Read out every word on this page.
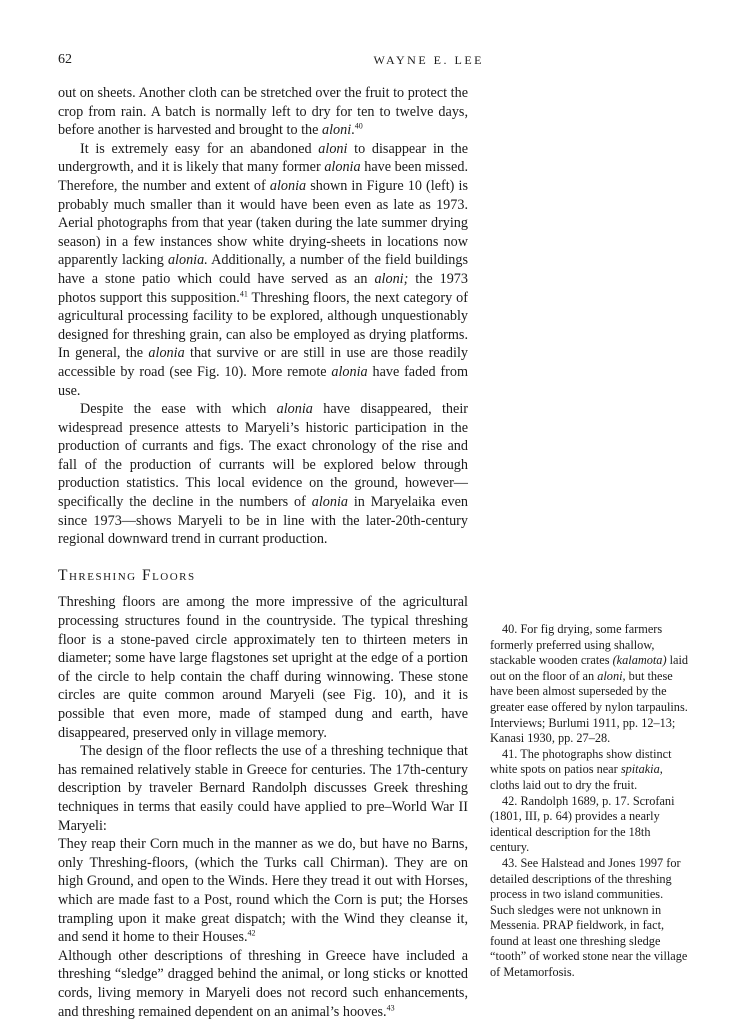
62	WAYNE E. LEE

out on sheets. Another cloth can be stretched over the fruit to protect the crop from rain. A batch is normally left to dry for ten to twelve days, before another is harvested and brought to the aloni.$^{40}$

It is extremely easy for an abandoned aloni to disappear in the undergrowth, and it is likely that many former alonia have been missed. Therefore, the number and extent of alonia shown in Figure 10 (left) is probably much smaller than it would have been even as late as 1973. Aerial photographs from that year (taken during the late summer drying season) in a few instances show white drying-sheets in locations now apparently lacking alonia. Additionally, a number of the field buildings have a stone patio which could have served as an aloni; the 1973 photos support this supposition.$^{41}$ Threshing floors, the next category of agricultural processing facility to be explored, although unquestionably designed for threshing grain, can also be employed as drying platforms. In general, the alonia that survive or are still in use are those readily accessible by road (see Fig. 10). More remote alonia have faded from use.

Despite the ease with which alonia have disappeared, their widespread presence attests to Maryeli’s historic participation in the production of currants and figs. The exact chronology of the rise and fall of the production of currants will be explored below through production statistics. This local evidence on the ground, however—specifically the decline in the numbers of alonia in Maryelaika even since 1973—shows Maryeli to be in line with the later-20th-century regional downward trend in currant production.

Threshing Floors

Threshing floors are among the more impressive of the agricultural processing structures found in the countryside. The typical threshing floor is a stone-paved circle approximately ten to thirteen meters in diameter; some have large flagstones set upright at the edge of a portion of the circle to help contain the chaff during winnowing. These stone circles are quite common around Maryeli (see Fig. 10), and it is possible that even more, made of stamped dung and earth, have disappeared, preserved only in village memory.

The design of the floor reflects the use of a threshing technique that has remained relatively stable in Greece for centuries. The 17th-century description by traveler Bernard Randolph discusses Greek threshing techniques in terms that easily could have applied to pre–World War II Maryeli:

They reap their Corn much in the manner as we do, but have no Barns, only Threshing-floors, (which the Turks call Chirman). They are on high Ground, and open to the Winds. Here they tread it out with Horses, which are made fast to a Post, round which the Corn is put; the Horses trampling upon it make great dispatch; with the Wind they cleanse it, and send it home to their Houses.$^{42}$

Although other descriptions of threshing in Greece have included a threshing “sledge” dragged behind the animal, or long sticks or knotted cords, living memory in Maryeli does not record such enhancements, and threshing remained dependent on an animal’s hooves.$^{43}$

40. For fig drying, some farmers formerly preferred using shallow, stackable wooden crates (kalamota) laid out on the floor of an aloni, but these have been almost superseded by the greater ease offered by nylon tarpaulins. Interviews; Burlumi 1911, pp. 12–13; Kanasi 1930, pp. 27–28.

41. The photographs show distinct white spots on patios near spitakia, cloths laid out to dry the fruit.

42. Randolph 1689, p. 17. Scrofani (1801, III, p. 64) provides a nearly identical description for the 18th century.

43. See Halstead and Jones 1997 for detailed descriptions of the threshing process in two island communities. Such sledges were not unknown in Messenia. PRAP fieldwork, in fact, found at least one threshing sledge “tooth” of worked stone near the village of Metamorfosis.
